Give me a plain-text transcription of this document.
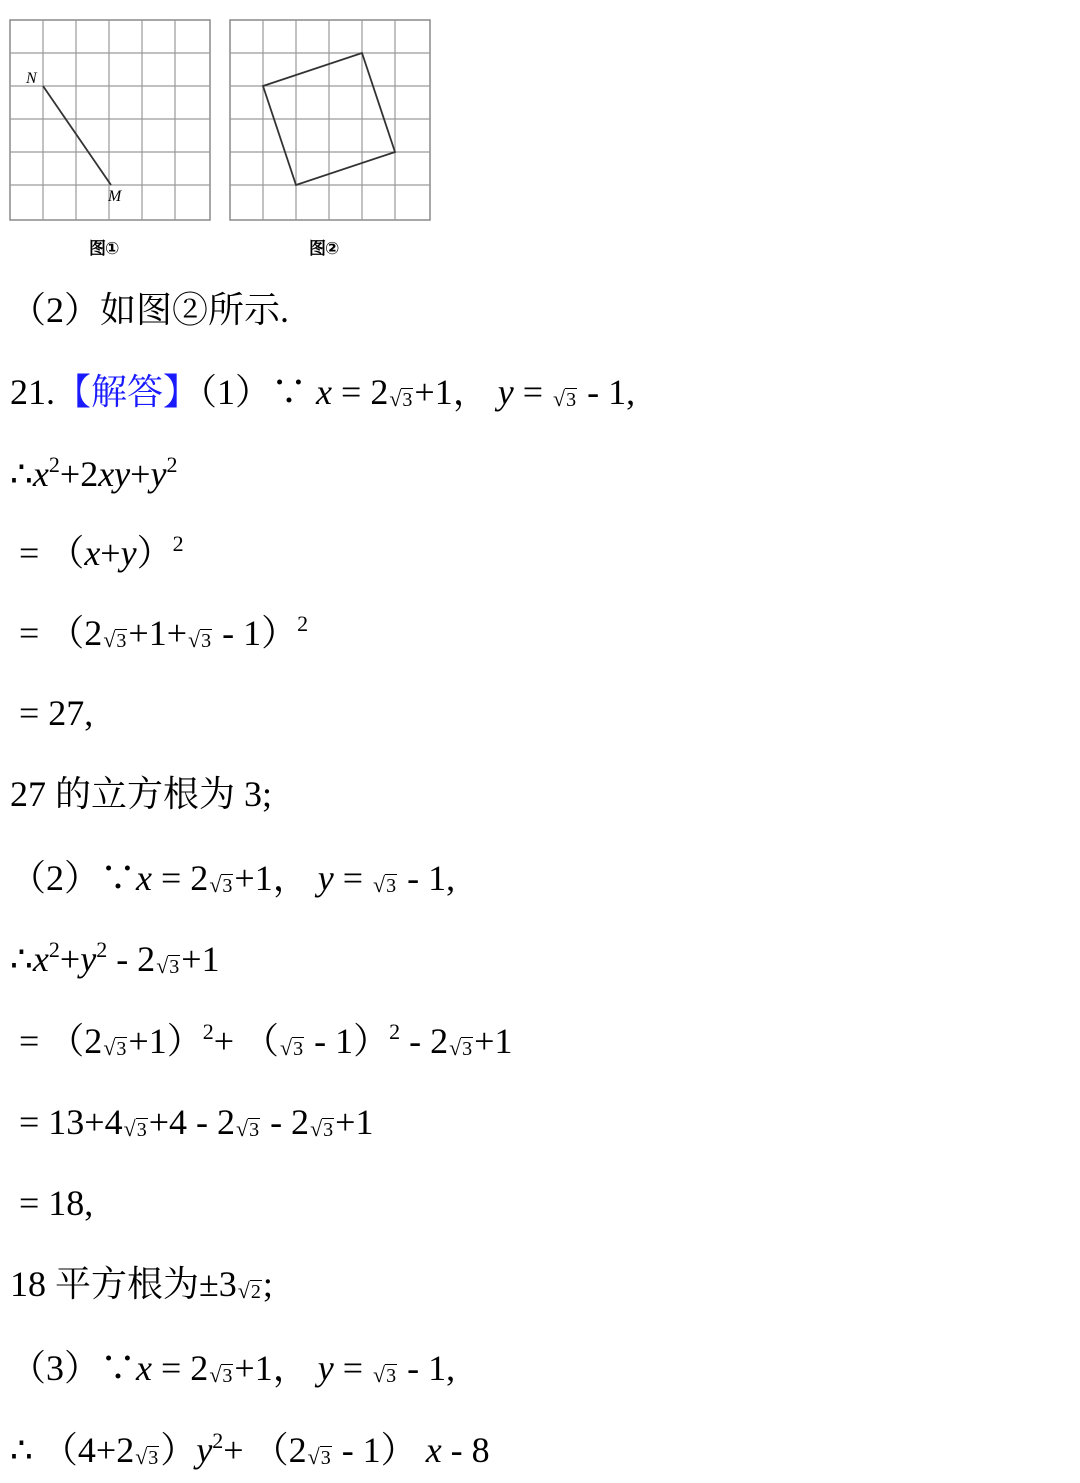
N
M
图①	图②
（2）如图②所示.
21.【解答】（1）∵ x = 2√3+1， y = √3 - 1,
$\therefore x^2+2xy+y^2$
= $(x+y)^2$
= $(2√3+1+√3 - 1)^2$
= 27,
27 的立方根为 3;
（2）∵x = 2√3+1， y = √3 - 1,
$\therefore x^2+y^2 - 2√3+1$
= $(2√3+1)^2+ (√3 - 1)^2 - 2√3+1$
= 13+4√3+4 - 2√3 - 2√3+1
= 18,
18 平方根为±3√2;
（3）∵x = 2√3+1， y = √3 - 1,
∴ $(4+2√3)y^2+ (2√3 - 1)$ x - 8
